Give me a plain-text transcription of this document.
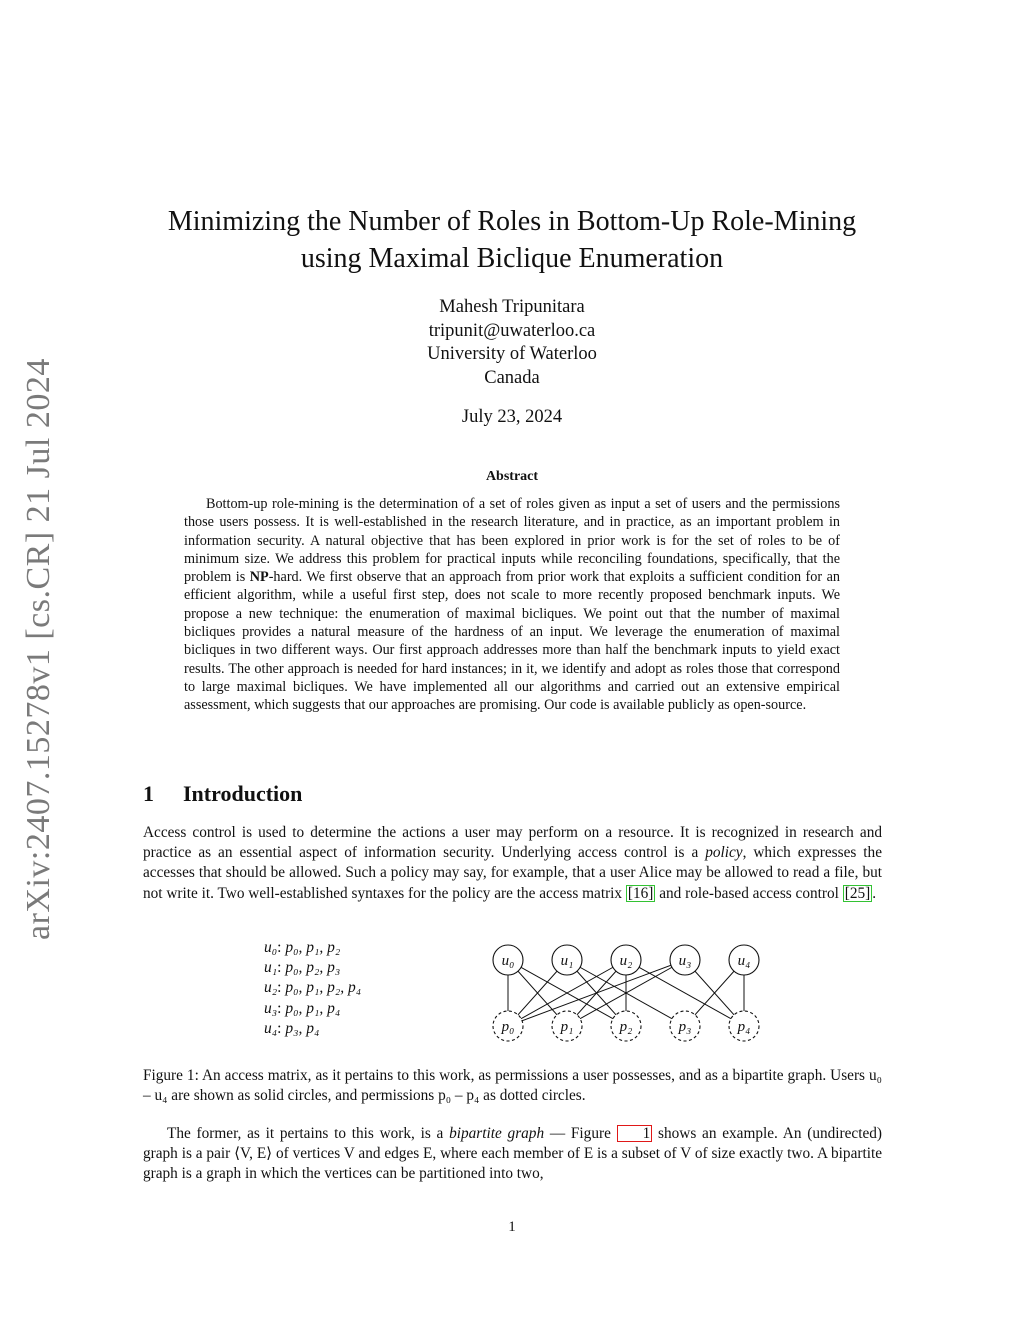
arXiv:2407.15278v1 [cs.CR] 21 Jul 2024
Minimizing the Number of Roles in Bottom-Up Role-Mining
using Maximal Biclique Enumeration
Mahesh Tripunitara
tripunit@uwaterloo.ca
University of Waterloo
Canada
July 23, 2024
Abstract
Bottom-up role-mining is the determination of a set of roles given as input a set of users and the permissions those users possess. It is well-established in the research literature, and in practice, as an important problem in information security. A natural objective that has been explored in prior work is for the set of roles to be of minimum size. We address this problem for practical inputs while reconciling foundations, specifically, that the problem is NP-hard. We first observe that an approach from prior work that exploits a sufficient condition for an efficient algorithm, while a useful first step, does not scale to more recently proposed benchmark inputs. We propose a new technique: the enumeration of maximal bicliques. We point out that the number of maximal bicliques provides a natural measure of the hardness of an input. We leverage the enumeration of maximal bicliques in two different ways. Our first approach addresses more than half the benchmark inputs to yield exact results. The other approach is needed for hard instances; in it, we identify and adopt as roles those that correspond to large maximal bicliques. We have implemented all our algorithms and carried out an extensive empirical assessment, which suggests that our approaches are promising. Our code is available publicly as open-source.
1 Introduction
Access control is used to determine the actions a user may perform on a resource. It is recognized in research and practice as an essential aspect of information security. Underlying access control is a policy, which expresses the accesses that should be allowed. Such a policy may say, for example, that a user Alice may be allowed to read a file, but not write it. Two well-established syntaxes for the policy are the access matrix [16] and role-based access control [25] .
u₀: p₀, p₁, p₂
u₁: p₀, p₂, p₃
u₂: p₀, p₁, p₂, p₄
u₃: p₀, p₁, p₄
u₄: p₃, p₄
u₀	u₁	u₂	u₃	u₄
p₀	p₁	p₂	p₃	p₄
Figure 1: An access matrix, as it pertains to this work, as permissions a user possesses, and as a bipartite graph. Users u₀ – u₄ are shown as solid circles, and permissions p₀ – p₄ as dotted circles.
The former, as it pertains to this work, is a bipartite graph — Figure 1 shows an example. An (undirected) graph is a pair ⟨V, E⟩ of vertices V and edges E, where each member of E is a subset of V of size exactly two. A bipartite graph is a graph in which the vertices can be partitioned into two,
1
